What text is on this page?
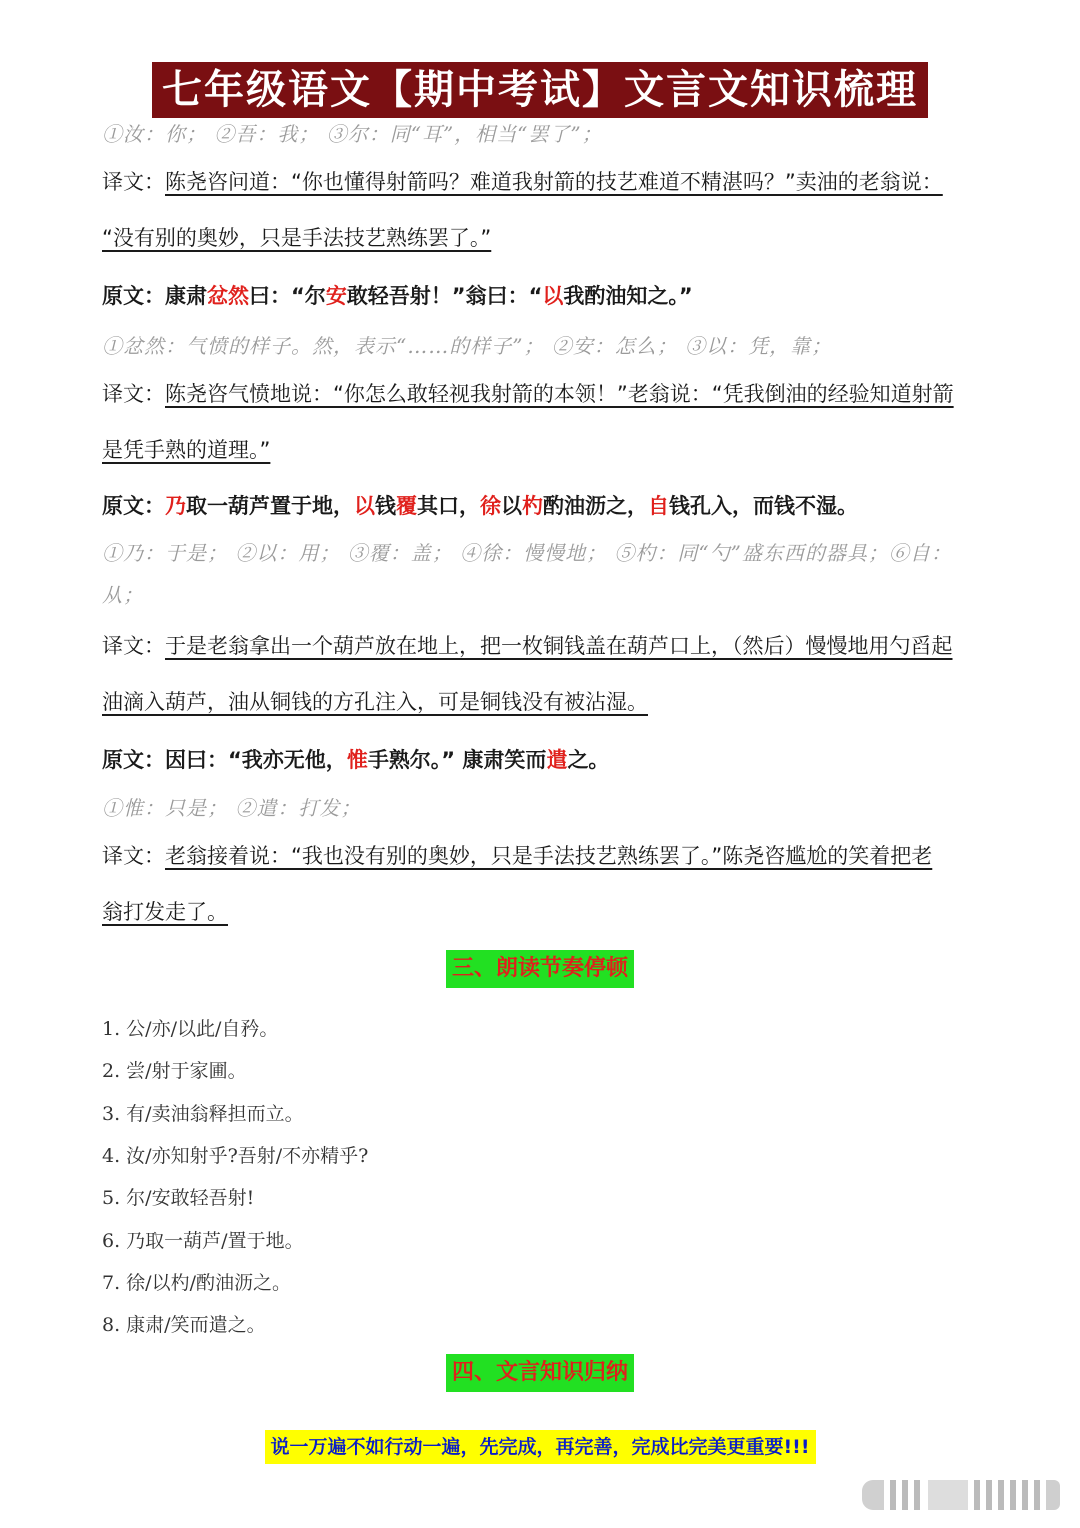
七年级语文【期中考试】文言文知识梳理
①汝：你； ②吾：我； ③尔：同“耳”，相当“罢了”；
译文：陈尧咨问道：“你也懂得射箭吗？难道我射箭的技艺难道不精湛吗？”卖油的老翁说：
“没有别的奥妙，只是手法技艺熟练罢了。”
原文：康肃忿然曰：“尔安敢轻吾射！”翁曰：“以我酌油知之。”
①忿然：气愤的样子。然，表示“……的样子”； ②安：怎么； ③以：凭，靠；
译文：陈尧咨气愤地说：“你怎么敢轻视我射箭的本领！”老翁说：“凭我倒油的经验知道射箭
是凭手熟的道理。”
原文：乃取一葫芦置于地，以钱覆其口，徐以杓酌油沥之，自钱孔入，而钱不湿。
①乃：于是； ②以：用； ③覆：盖； ④徐：慢慢地； ⑤杓：同“勺”盛东西的器具；⑥自：从；
译文：于是老翁拿出一个葫芦放在地上，把一枚铜钱盖在葫芦口上，（然后）慢慢地用勺舀起
油滴入葫芦，油从铜钱的方孔注入，可是铜钱没有被沾湿。
原文：因曰：“我亦无他，惟手熟尔。” 康肃笑而遣之。
①惟：只是； ②遣：打发；
译文：老翁接着说：“我也没有别的奥妙，只是手法技艺熟练罢了。”陈尧咨尴尬的笑着把老
翁打发走了。
三、朗读节奏停顿
1. 公/亦/以此/自矜。
2. 尝/射于家圃。
3. 有/卖油翁释担而立。
4. 汝/亦知射乎?吾射/不亦精乎?
5. 尔/安敢轻吾射!
6. 乃取一葫芦/置于地。
7. 徐/以杓/酌油沥之。
8. 康肃/笑而遣之。
四、文言知识归纳
说一万遍不如行动一遍，先完成，再完善，完成比完美更重要!!!
